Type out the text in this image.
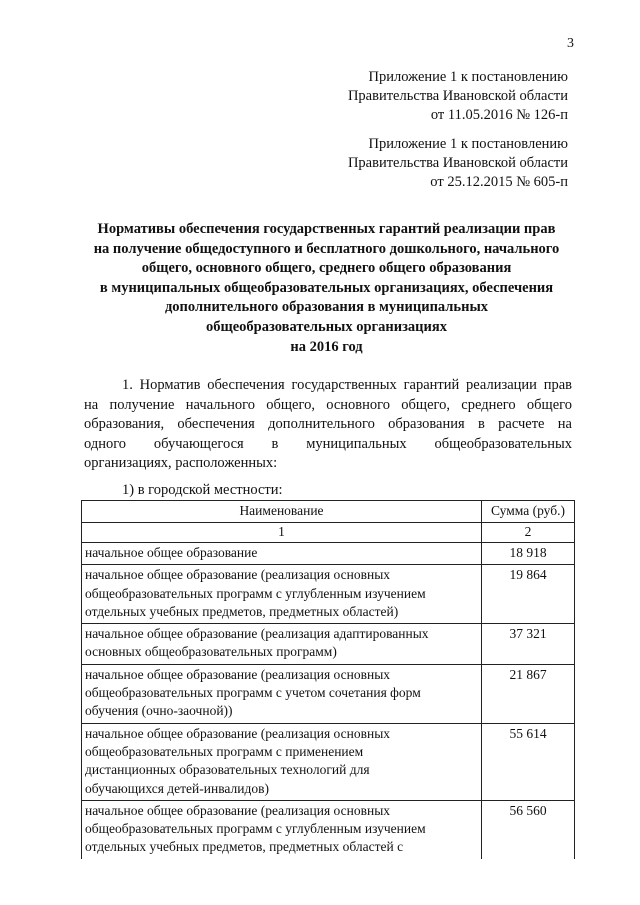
3
Приложение 1 к постановлению
Правительства Ивановской области
от 11.05.2016 № 126-п
Приложение 1 к постановлению
Правительства Ивановской области
от 25.12.2015 № 605-п
Нормативы обеспечения государственных гарантий реализации прав
на получение общедоступного и бесплатного дошкольного, начального
общего, основного общего, среднего общего образования
в муниципальных общеобразовательных организациях, обеспечения
дополнительного образования в муниципальных
общеобразовательных организациях
на 2016 год
1. Норматив обеспечения государственных гарантий реализации прав
на получение начального общего, основного общего, среднего общего
образования, обеспечения дополнительного образования в расчете на
одного обучающегося в муниципальных общеобразовательных
организациях, расположенных:
1) в городской местности:
Наименование	Сумма (руб.)
1	2

начальное общее образование	18 918

начальное общее образование (реализация основных
общеобразовательных программ с углубленным изучением
отдельных учебных предметов, предметных областей)	19 864

начальное общее образование (реализация адаптированных
основных общеобразовательных программ)	37 321

начальное общее образование (реализация основных
общеобразовательных программ с учетом сочетания форм
обучения (очно-заочной))	21 867

начальное общее образование (реализация основных
общеобразовательных программ с применением
дистанционных образовательных технологий для
обучающихся детей-инвалидов)	55 614

начальное общее образование (реализация основных
общеобразовательных программ с углубленным изучением
отдельных учебных предметов, предметных областей с	56 560
